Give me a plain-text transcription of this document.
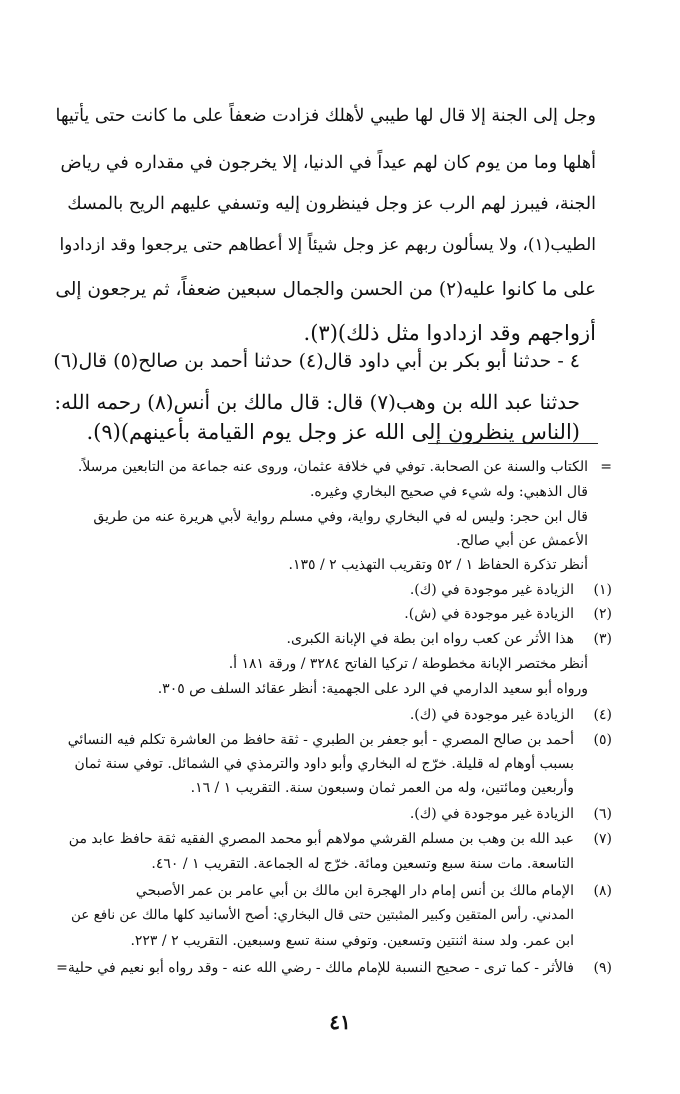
وجل إلى الجنة إلا قال لها طيبي لأهلك فزادت ضعفاً على ما كانت حتى يأتيها
أهلها وما من يوم كان لهم عيداً في الدنيا، إلا يخرجون في مقداره في رياض
الجنة، فيبرز لهم الرب عز وجل فينظرون إليه وتسفي عليهم الريح بالمسك
الطيب(١)، ولا يسألون ربهم عز وجل شيئاً إلا أعطاهم حتى يرجعوا وقد ازدادوا
على ما كانوا عليه(٢) من الحسن والجمال سبعين ضعفاً، ثم يرجعون إلى
أزواجهم وقد ازدادوا مثل ذلك)(٣).
٤ - حدثنا أبو بكر بن أبي داود قال(٤) حدثنا أحمد بن صالح(٥) قال(٦)
حدثنا عبد الله بن وهب(٧) قال: قال مالك بن أنس(٨) رحمه الله:
(الناس ينظرون إلى الله عز وجل يوم القيامة بأعينهم)(٩).
=
الكتاب والسنة عن الصحابة. توفي في خلافة عثمان، وروى عنه جماعة من التابعين مرسلاً.
قال الذهبي: وله شيء في صحيح البخاري وغيره.
قال ابن حجر: وليس له في البخاري رواية، وفي مسلم رواية لأبي هريرة عنه من طريق
الأعمش عن أبي صالح.
أنظر تذكرة الحفاظ ١ / ٥٢ وتقريب التهذيب ٢ / ١٣٥.
(١)
الزيادة غير موجودة في (ك).
(٢)
الزيادة غير موجودة في (ش).
(٣)
هذا الأثر عن كعب رواه ابن بطة في الإبانة الكبرى.
أنظر مختصر الإبانة مخطوطة / تركيا الفاتح ٣٢٨٤ / ورقة ١٨١ أ.
ورواه أبو سعيد الدارمي في الرد على الجهمية: أنظر عقائد السلف ص ٣٠٥.
(٤)
الزيادة غير موجودة في (ك).
(٥)
أحمد بن صالح المصري - أبو جعفر بن الطبري - ثقة حافظ من العاشرة تكلم فيه النسائي
بسبب أوهام له قليلة. خرّج له البخاري وأبو داود والترمذي في الشمائل. توفي سنة ثمان
وأربعين ومائتين، وله من العمر ثمان وسبعون سنة. التقريب ١ / ١٦.
(٦)
الزيادة غير موجودة في (ك).
(٧)
عبد الله بن وهب بن مسلم القرشي مولاهم أبو محمد المصري الفقيه ثقة حافظ عابد من
التاسعة. مات سنة سبع وتسعين ومائة. خرّج له الجماعة. التقريب ١ / ٤٦٠.
(٨)
الإمام مالك بن أنس إمام دار الهجرة ابن مالك بن أبي عامر بن عمر الأصبحي
المدني. رأس المتقين وكبير المثبتين حتى قال البخاري: أصح الأسانيد كلها مالك عن نافع عن
ابن عمر. ولد سنة اثنتين وتسعين. وتوفي سنة تسع وسبعين. التقريب ٢ / ٢٢٣.
(٩)
فالأثر - كما ترى - صحيح النسبة للإمام مالك - رضي الله عنه - وقد رواه أبو نعيم في حلية=
٤١
